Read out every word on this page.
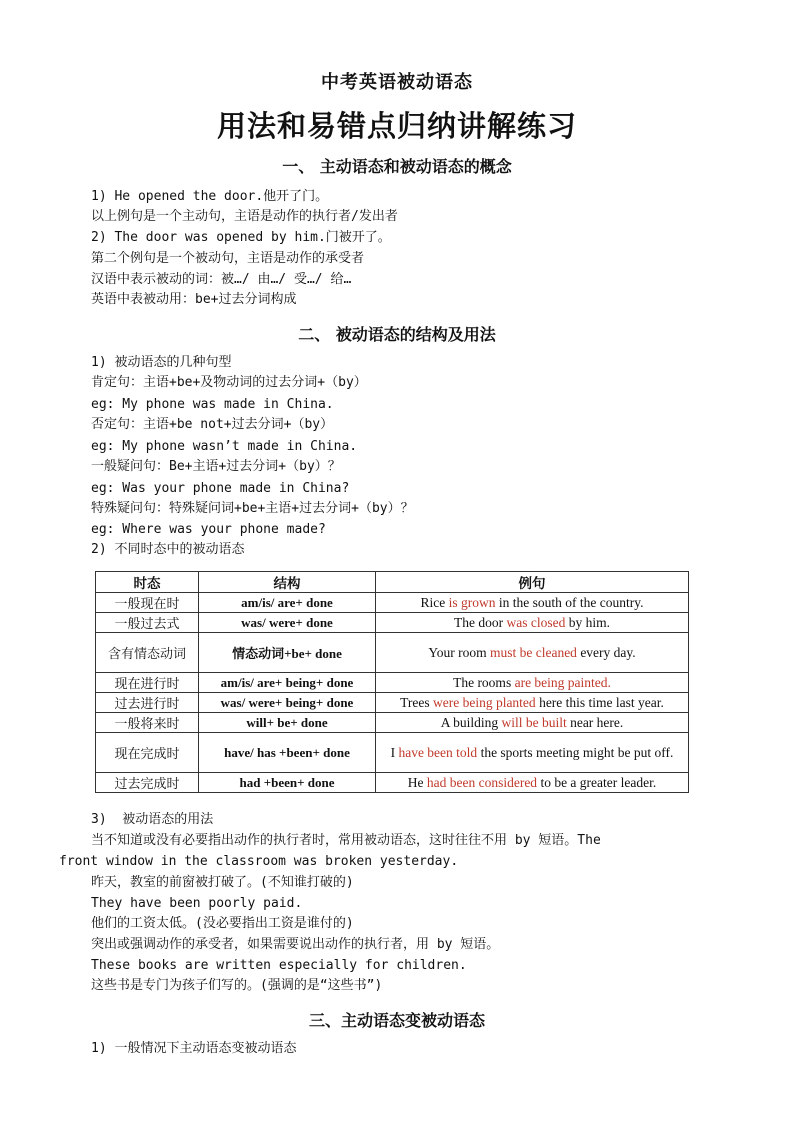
中考英语被动语态
用法和易错点归纳讲解练习
一、 主动语态和被动语态的概念
1) He opened the door.他开了门。
以上例句是一个主动句，主语是动作的执行者/发出者
2) The door was opened by him.门被开了。
第二个例句是一个被动句，主语是动作的承受者
汉语中表示被动的词：被…/ 由…/ 受…/ 给…
英语中表被动用：be+过去分词构成
二、 被动语态的结构及用法
1) 被动语态的几种句型
肯定句：主语+be+及物动词的过去分词+（by）
eg: My phone was made in China.
否定句：主语+be not+过去分词+（by）
eg: My phone wasn’t made in China.
一般疑问句：Be+主语+过去分词+（by）？
eg: Was your phone made in China?
特殊疑问句：特殊疑问词+be+主语+过去分词+（by）？
eg: Where was your phone made?
2) 不同时态中的被动语态
时态	结构	例句
一般现在时	am/is/ are+ done	Rice is grown in the south of the country.
一般过去式	was/ were+ done	The door was closed by him.
含有情态动词	情态动词+be+ done	Your room must be cleaned every day.
现在进行时	am/is/ are+ being+ done	The rooms are being painted.
过去进行时	was/ were+ being+ done	Trees were being planted here this time last year.
一般将来时	will+ be+ done	A building will be built near here.
现在完成时	have/ has +been+ done	I have been told the sports meeting might be put off.
过去完成时	had +been+ done	He had been considered to be a greater leader.
3)  被动语态的用法
当不知道或没有必要指出动作的执行者时，常用被动语态，这时往往不用 by 短语。The
front window in the classroom was broken yesterday.
昨天，教室的前窗被打破了。(不知谁打破的)
They have been poorly paid.
他们的工资太低。(没必要指出工资是谁付的)
突出或强调动作的承受者，如果需要说出动作的执行者，用 by 短语。
These books are written especially for children.
这些书是专门为孩子们写的。(强调的是“这些书”)
三、主动语态变被动语态
1) 一般情况下主动语态变被动语态
